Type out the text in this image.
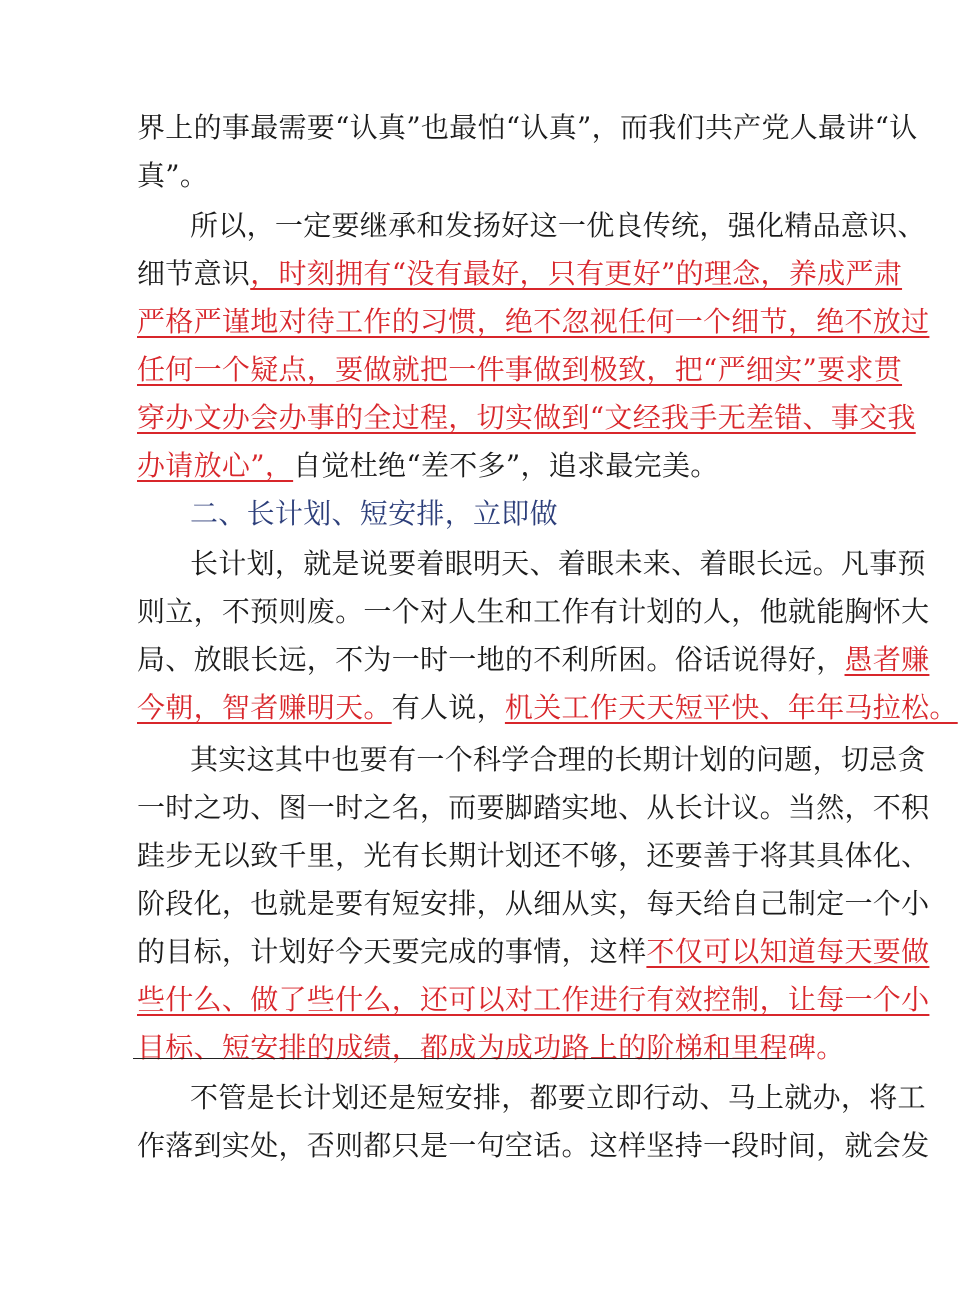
界上的事最需要“认真”也最怕“认真”，而我们共产党人最讲“认
真”。
所以，一定要继承和发扬好这一优良传统，强化精品意识、
细节意识，时刻拥有“没有最好，只有更好”的理念，养成严肃
严格严谨地对待工作的习惯，绝不忽视任何一个细节，绝不放过
任何一个疑点，要做就把一件事做到极致，把“严细实”要求贯
穿办文办会办事的全过程，切实做到“文经我手无差错、事交我
办请放心”，自觉杜绝“差不多”，追求最完美。
二、长计划、短安排，立即做
长计划，就是说要着眼明天、着眼未来、着眼长远。凡事预
则立，不预则废。一个对人生和工作有计划的人，他就能胸怀大
局、放眼长远，不为一时一地的不利所困。俗话说得好，愚者赚
今朝，智者赚明天。有人说，机关工作天天短平快、年年马拉松。
其实这其中也要有一个科学合理的长期计划的问题，切忌贪
一时之功、图一时之名，而要脚踏实地、从长计议。当然，不积
跬步无以致千里，光有长期计划还不够，还要善于将其具体化、
阶段化，也就是要有短安排，从细从实，每天给自己制定一个小
的目标，计划好今天要完成的事情，这样不仅可以知道每天要做
些什么、做了些什么，还可以对工作进行有效控制，让每一个小
目标、短安排的成绩，都成为成功路上的阶梯和里程碑。
不管是长计划还是短安排，都要立即行动、马上就办，将工
作落到实处，否则都只是一句空话。这样坚持一段时间，就会发
